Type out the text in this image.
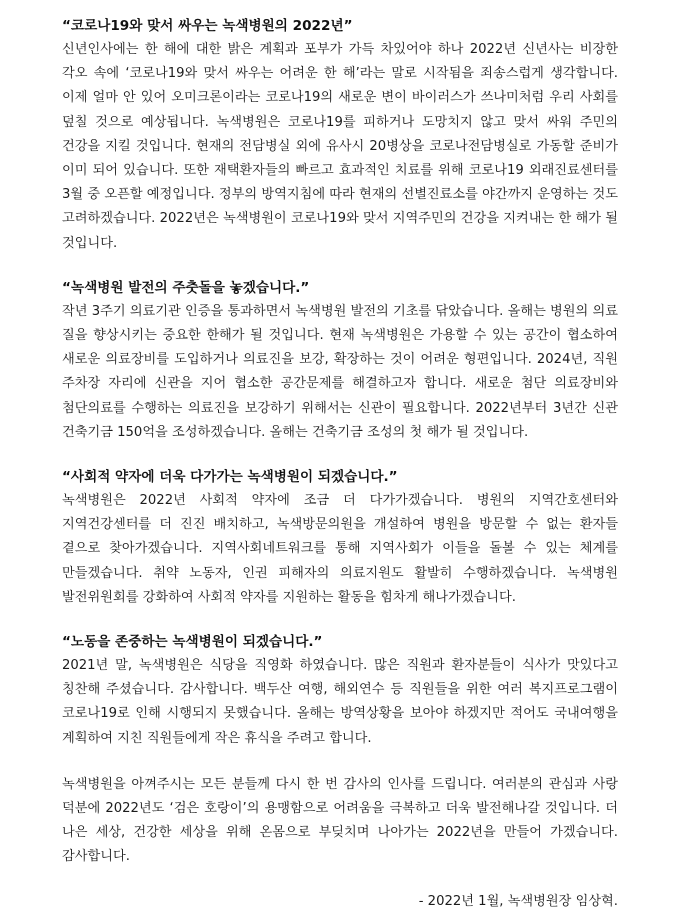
“코로나19와 맞서 싸우는 녹색병원의 2022년”

신년인사에는 한 해에 대한 밝은 계획과 포부가 가득 차있어야 하나 2022년 신년사는 비장한 각오 속에 ‘코로나19와 맞서 싸우는 어려운 한 해’라는 말로 시작됨을 죄송스럽게 생각합니다. 이제 얼마 안 있어 오미크론이라는 코로나19의 새로운 변이 바이러스가 쓰나미처럼 우리 사회를 덮칠 것으로 예상됩니다. 녹색병원은 코로나19를 피하거나 도망치지 않고 맞서 싸워 주민의 건강을 지킬 것입니다. 현재의 전담병실 외에 유사시 20병상을 코로나전담병실로 가동할 준비가 이미 되어 있습니다. 또한 재택환자들의 빠르고 효과적인 치료를 위해 코로나19 외래진료센터를 3월 중 오픈할 예정입니다. 정부의 방역지침에 따라 현재의 선별진료소를 야간까지 운영하는 것도 고려하겠습니다. 2022년은 녹색병원이 코로나19와 맞서 지역주민의 건강을 지켜내는 한 해가 될 것입니다.

“녹색병원 발전의 주춧돌을 놓겠습니다.”

작년 3주기 의료기관 인증을 통과하면서 녹색병원 발전의 기초를 닦았습니다. 올해는 병원의 의료 질을 향상시키는 중요한 한해가 될 것입니다. 현재 녹색병원은 가용할 수 있는 공간이 협소하여 새로운 의료장비를 도입하거나 의료진을 보강, 확장하는 것이 어려운 형편입니다. 2024년, 직원 주차장 자리에 신관을 지어 협소한 공간문제를 해결하고자 합니다. 새로운 첨단 의료장비와 첨단의료를 수행하는 의료진을 보강하기 위해서는 신관이 필요합니다. 2022년부터 3년간 신관 건축기금 150억을 조성하겠습니다. 올해는 건축기금 조성의 첫 해가 될 것입니다.

“사회적 약자에 더욱 다가가는 녹색병원이 되겠습니다.”

녹색병원은 2022년 사회적 약자에 조금 더 다가가겠습니다. 병원의 지역간호센터와 지역건강센터를 더 진진 배치하고, 녹색방문의원을 개설하여 병원을 방문할 수 없는 환자들 곁으로 찾아가겠습니다. 지역사회네트워크를 통해 지역사회가 이들을 돌볼 수 있는 체계를 만들겠습니다. 취약 노동자, 인권 피해자의 의료지원도 활발히 수행하겠습니다. 녹색병원 발전위원회를 강화하여 사회적 약자를 지원하는 활동을 힘차게 해나가겠습니다.

“노동을 존중하는 녹색병원이 되겠습니다.”

2021년 말, 녹색병원은 식당을 직영화 하였습니다. 많은 직원과 환자분들이 식사가 맛있다고 칭찬해 주셨습니다. 감사합니다. 백두산 여행, 해외연수 등 직원들을 위한 여러 복지프로그램이 코로나19로 인해 시행되지 못했습니다. 올해는 방역상황을 보아야 하겠지만 적어도 국내여행을 계획하여 지친 직원들에게 작은 휴식을 주려고 합니다.

녹색병원을 아껴주시는 모든 분들께 다시 한 번 감사의 인사를 드립니다. 여러분의 관심과 사랑 덕분에 2022년도 ‘검은 호랑이’의 용맹함으로 어려움을 극복하고 더욱 발전해나갈 것입니다. 더 나은 세상, 건강한 세상을 위해 온몸으로 부딪치며 나아가는 2022년을 만들어 가겠습니다. 감사합니다.

- 2022년 1월, 녹색병원장 임상혁.
